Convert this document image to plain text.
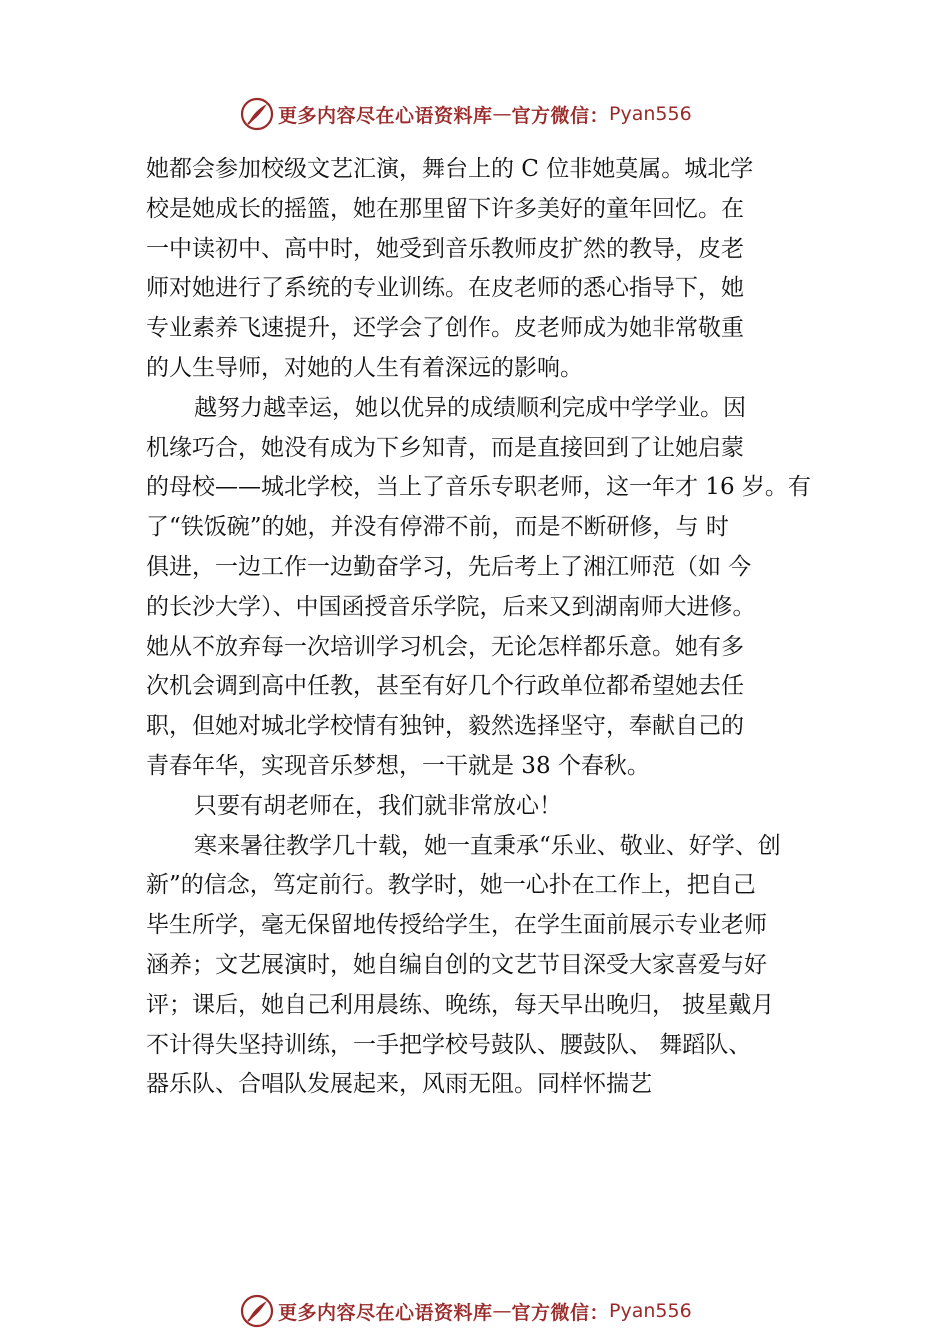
更多内容尽在心语资料库 — 官方微信 ： Pyan556
她都会参加校级文艺汇演，舞台上的 C 位非她莫属。城北学
校是她成长的摇篮，她在那里留下许多美好的童年回忆。在
一中读初中、高中时，她受到音乐教师皮扩然的教导，皮老
师对她进行了系统的专业训练。在皮老师的悉心指导下，她
专业素养飞速提升，还学会了创作。皮老师成为她非常敬重
的人生导师，对她的人生有着深远的影响。
越努力越幸运，她以优异的成绩顺利完成中学学业。因
机缘巧合，她没有成为下乡知青，而是直接回到了让她启蒙
的母校——城北学校，当上了音乐专职老师，这一年才 16 岁。有
了“铁饭碗”的她，并没有停滞不前，而是不断研修，与 时
俱进，一边工作一边勤奋学习，先后考上了湘江师范（如 今
的长沙大学）、中国函授音乐学院，后来又到湖南师大进修。
她从不放弃每一次培训学习机会，无论怎样都乐意。她有多
次机会调到高中任教，甚至有好几个行政单位都希望她去任
职，但她对城北学校情有独钟，毅然选择坚守，奉献自己的
青春年华，实现音乐梦想，一干就是 38 个春秋。
只要有胡老师在，我们就非常放心！
寒来暑往教学几十载，她一直秉承“乐业、敬业、好学、创
新”的信念，笃定前行。教学时，她一心扑在工作上，把自己
毕生所学，毫无保留地传授给学生，在学生面前展示专业老师
涵养；文艺展演时，她自编自创的文艺节目深受大家喜爱与好
评；课后，她自己利用晨练、晚练，每天早出晚归， 披星戴月
不计得失坚持训练，一手把学校号鼓队、腰鼓队、 舞蹈队、
器乐队、合唱队发展起来，风雨无阻。同样怀揣艺
更多内容尽在心语资料库 — 官方微信 ： Pyan556
